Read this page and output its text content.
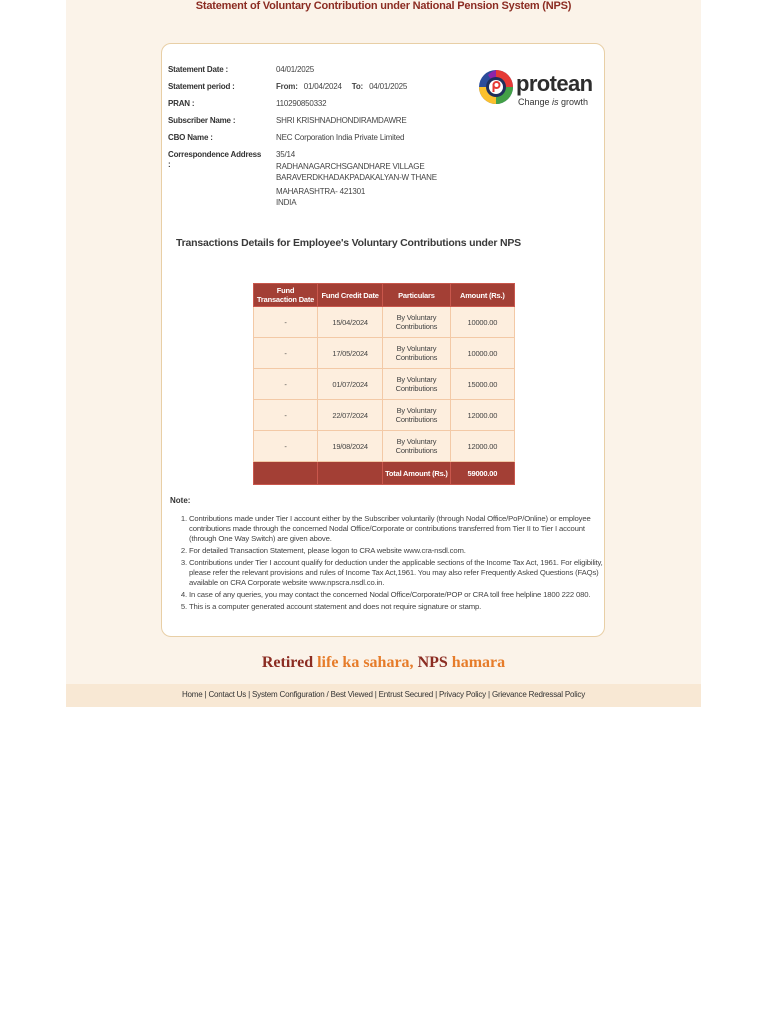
Statement of Voluntary Contribution under National Pension System (NPS)
Statement Date :	04/01/2025
Statement period :	From: 01/04/2024 To: 04/01/2025
PRAN :	110290850332
Subscriber Name :	SHRI KRISHNADHONDIRAMDAWRE
CBO Name :	NEC Corporation India Private Limited
Correspondence Address
:
35/14
RADHANAGARCHSGANDHARE VILLAGE
BARAVERDKHADAKPADAKALYAN-W THANE
MAHARASHTRA- 421301
INDIA
protean
Change is growth
Transactions Details for Employee's Voluntary Contributions under NPS
Fund Transaction Date	Fund Credit Date	Particulars	Amount (Rs.)
-	15/04/2024	By Voluntary Contributions	10000.00
-	17/05/2024	By Voluntary Contributions	10000.00
-	01/07/2024	By Voluntary Contributions	15000.00
-	22/07/2024	By Voluntary Contributions	12000.00
-	19/08/2024	By Voluntary Contributions	12000.00
		Total Amount (Rs.)	59000.00
Note:
1. Contributions made under Tier I account either by the Subscriber voluntarily (through Nodal Office/PoP/Online) or employee contributions made through the concerned Nodal Office/Corporate or contributions transferred from Tier II to Tier I account (through One Way Switch) are given above.
2. For detailed Transaction Statement, please logon to CRA website www.cra-nsdl.com.
3. Contributions under Tier I account qualify for deduction under the applicable sections of the Income Tax Act, 1961. For eligibility, please refer the relevant provisions and rules of Income Tax Act,1961. You may also refer Frequently Asked Questions (FAQs) available on CRA Corporate website www.npscra.nsdl.co.in.
4. In case of any queries, you may contact the concerned Nodal Office/Corporate/POP or CRA toll free helpline 1800 222 080.
5. This is a computer generated account statement and does not require signature or stamp.
Retired life ka sahara, NPS hamara
Home | Contact Us | System Configuration / Best Viewed | Entrust Secured | Privacy Policy | Grievance Redressal Policy
